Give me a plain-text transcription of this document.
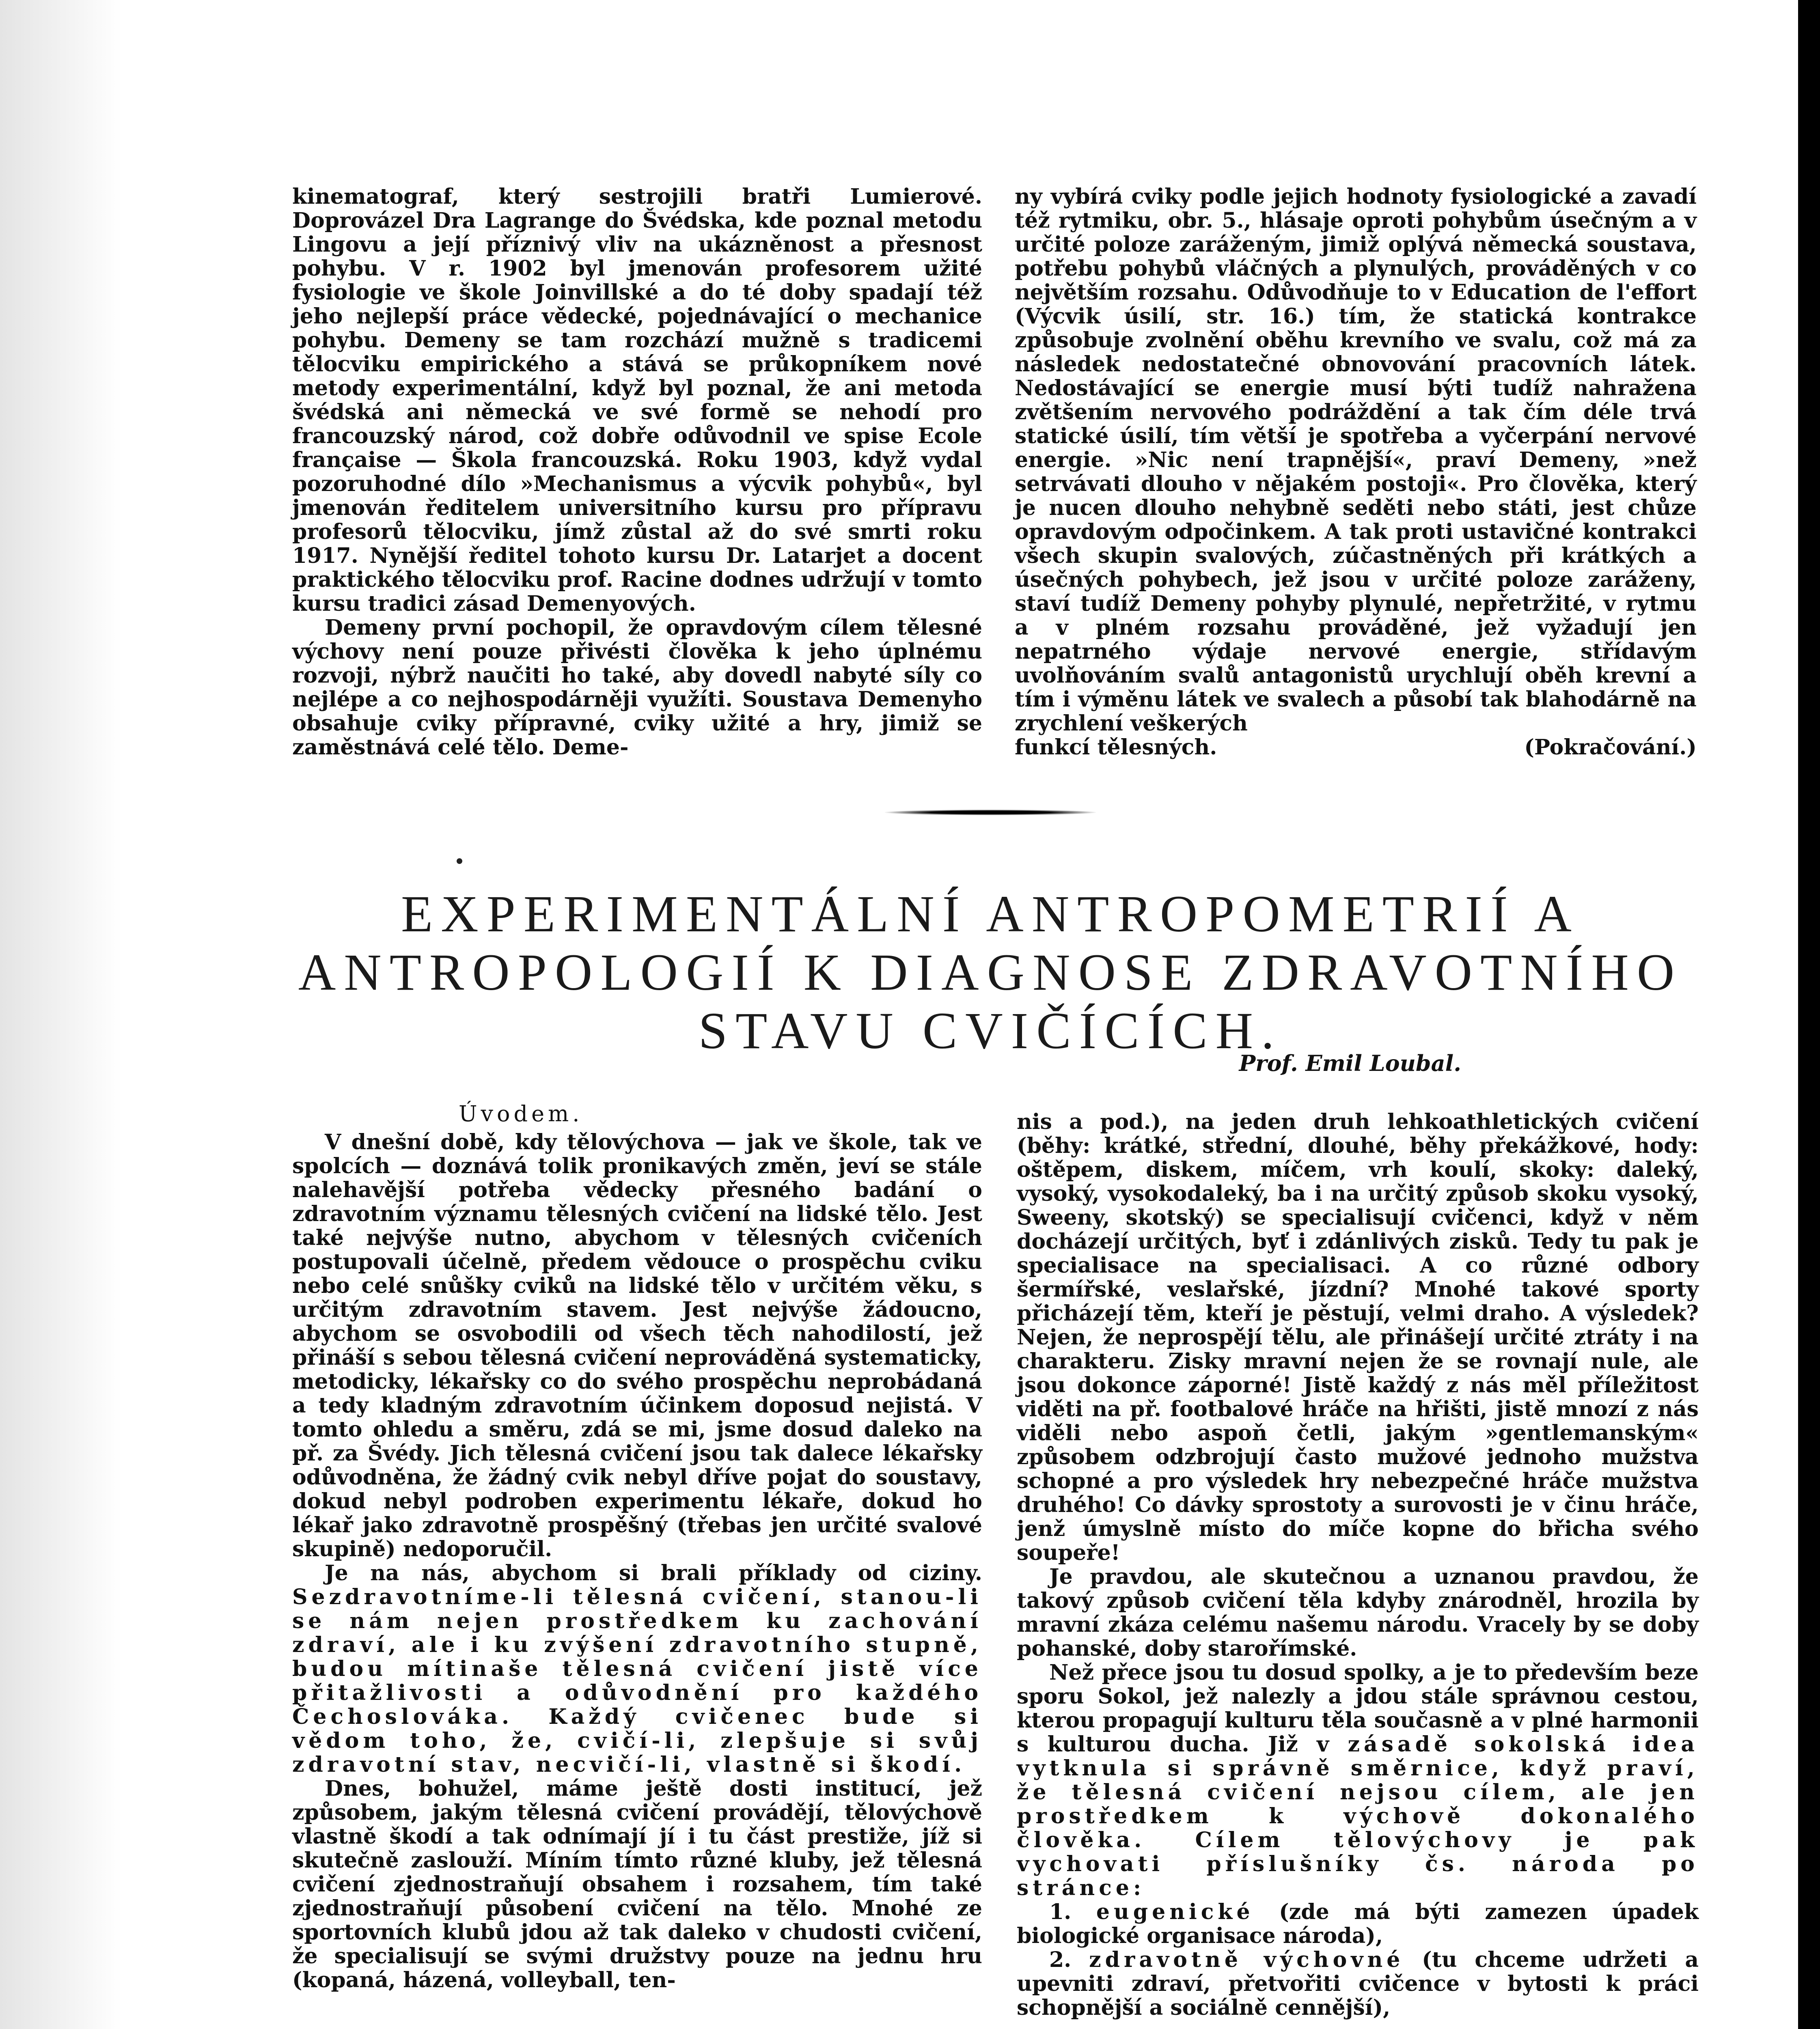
kinematograf, který sestrojili bratři Lumierové. Doprovázel Dra Lagrange do Švédska, kde poznal metodu Lingovu a její příznivý vliv na ukázněnost a přesnost pohybu. V r. 1902 byl jmenován profesorem užité fysiologie ve škole Joinvillské a do té doby spadají též jeho nejlepší práce vědecké, pojednávající o mechanice pohybu. Demeny se tam rozchází mužně s tradicemi tělocviku empirického a stává se průkopníkem nové metody experimentální, když byl poznal, že ani metoda švédská ani německá ve své formě se nehodí pro francouzský národ, což dobře odůvodnil ve spise Ecole française — Škola francouzská. Roku 1903, když vydal pozoruhodné dílo »Mechanismus a výcvik pohybů«, byl jmenován ředitelem universitního kursu pro přípravu profesorů tělocviku, jímž zůstal až do své smrti roku 1917. Nynější ředitel tohoto kursu Dr. Latarjet a docent praktického tělocviku prof. Racine dodnes udržují v tomto kursu tradici zásad Demenyových.

Demeny první pochopil, že opravdovým cílem tělesné výchovy není pouze přivésti člověka k jeho úplnému rozvoji, nýbrž naučiti ho také, aby dovedl nabyté síly co nejlépe a co nejhospodárněji využíti. Soustava Demenyho obsahuje cviky přípravné, cviky užité a hry, jimiž se zaměstnává celé tělo. Deme-

ny vybírá cviky podle jejich hodnoty fysiologické a zavadí též rytmiku, obr. 5., hlásaje oproti pohybům úsečným a v určité poloze zaráženým, jimiž oplývá německá soustava, potřebu pohybů vláčných a plynulých, prováděných v co největším rozsahu. Odůvodňuje to v Education de l'effort (Výcvik úsilí, str. 16.) tím, že statická kontrakce způsobuje zvolnění oběhu krevního ve svalu, což má za následek nedostatečné obnovování pracovních látek. Nedostávající se energie musí býti tudíž nahražena zvětšením nervového podráždění a tak čím déle trvá statické úsilí, tím větší je spotřeba a vyčerpání nervové energie. »Nic není trapnější«, praví Demeny, »než setrvávati dlouho v nějakém postoji«. Pro člověka, který je nucen dlouho nehybně seděti nebo státi, jest chůze opravdovým odpočinkem. A tak proti ustavičné kontrakci všech skupin svalových, zúčastněných při krátkých a úsečných pohybech, jež jsou v určité poloze zaráženy, staví tudíž Demeny pohyby plynulé, nepřetržité, v rytmu a v plném rozsahu prováděné, jež vyžadují jen nepatrného výdaje nervové energie, střídavým uvolňováním svalů antagonistů urychlují oběh krevní a tím i výměnu látek ve svalech a působí tak blahodárně na zrychlení veškerých

funkcí tělesných.	(Pokračování.)
EXPERIMENTÁLNÍ ANTROPOMETRIÍ A ANTROPOLOGIÍ K DIAGNOSE ZDRAVOTNÍHO STAVU CVIČÍCÍCH.
Prof. Emil Loubal.
Úvodem.

V dnešní době, kdy tělovýchova — jak ve škole, tak ve spolcích — doznává tolik pronikavých změn, jeví se stále nalehavější potřeba vědecky přesného badání o zdravotním významu tělesných cvičení na lidské tělo. Jest také nejvýše nutno, abychom v tělesných cvičeních postupovali účelně, předem vědouce o prospěchu cviku nebo celé snůšky cviků na lidské tělo v určitém věku, s určitým zdravotním stavem. Jest nejvýše žádoucno, abychom se osvobodili od všech těch nahodilostí, jež přináší s sebou tělesná cvičení neprováděná systematicky, metodicky, lékařsky co do svého prospěchu neprobádaná a tedy kladným zdravotním účinkem doposud nejistá. V tomto ohledu a směru, zdá se mi, jsme dosud daleko na př. za Švédy. Jich tělesná cvičení jsou tak dalece lékařsky odůvodněna, že žádný cvik nebyl dříve pojat do soustavy, dokud nebyl podroben experimentu lékaře, dokud ho lékař jako zdravotně prospěšný (třebas jen určité svalové skupině) nedoporučil.

Je na nás, abychom si brali příklady od ciziny. Sezdravotníme-li tělesná cvičení, stanou-li se nám nejen prostředkem ku zachování zdraví, ale i ku zvýšení zdravotního stupně, budou mítinaše tělesná cvičení jistě více přitažlivosti a odůvodnění pro každého Čechoslováka. Každý cvičenec bude si vědom toho, že, cvičí-li, zlepšuje si svůj zdravotní stav, necvičí-li, vlastně si škodí.

Dnes, bohužel, máme ještě dosti institucí, jež způsobem, jakým tělesná cvičení provádějí, tělovýchově vlastně škodí a tak odnímají jí i tu část prestiže, jíž si skutečně zaslouží. Míním tímto různé kluby, jež tělesná cvičení zjednostraňují obsahem i rozsahem, tím také zjednostraňují působení cvičení na tělo. Mnohé ze sportovních klubů jdou až tak daleko v chudosti cvičení, že specialisují se svými družstvy pouze na jednu hru (kopaná, házená, volleyball, ten-

nis a pod.), na jeden druh lehkoathletických cvičení (běhy: krátké, střední, dlouhé, běhy překážkové, hody: oštěpem, diskem, míčem, vrh koulí, skoky: daleký, vysoký, vysokodaleký, ba i na určitý způsob skoku vysoký, Sweeny, skotský) se specialisují cvičenci, když v něm docházejí určitých, byť i zdánlivých zisků. Tedy tu pak je specialisace na specialisaci. A co různé odbory šermířské, veslařské, jízdní? Mnohé takové sporty přicházejí těm, kteří je pěstují, velmi draho. A výsledek? Nejen, že neprospějí tělu, ale přinášejí určité ztráty i na charakteru. Zisky mravní nejen že se rovnají nule, ale jsou dokonce záporné! Jistě každý z nás měl příležitost viděti na př. footbalové hráče na hřišti, jistě mnozí z nás viděli nebo aspoň četli, jakým »gentlemanským« způsobem odzbrojují často mužové jednoho mužstva schopné a pro výsledek hry nebezpečné hráče mužstva druhého! Co dávky sprostoty a surovosti je v činu hráče, jenž úmyslně místo do míče kopne do břicha svého soupeře!

Je pravdou, ale skutečnou a uznanou pravdou, že takový způsob cvičení těla kdyby znárodněl, hrozila by mravní zkáza celému našemu národu. Vracely by se doby pohanské, doby starořímské.

Než přece jsou tu dosud spolky, a je to především beze sporu Sokol, jež nalezly a jdou stále správnou cestou, kterou propagují kulturu těla současně a v plné harmonii s kulturou ducha. Již v zásadě sokolská idea vytknula si správně směrnice, když praví, že tělesná cvičení nejsou cílem, ale jen prostředkem k výchově dokonalého člověka. Cílem tělovýchovy je pak vychovati příslušníky čs. národa po stránce:

1. eugenické (zde má býti zamezen úpadek biologické organisace národa),

2. zdravotně výchovné (tu chceme udržeti a upevniti zdraví, přetvořiti cvičence v bytosti k práci schopnější a sociálně cennější),
